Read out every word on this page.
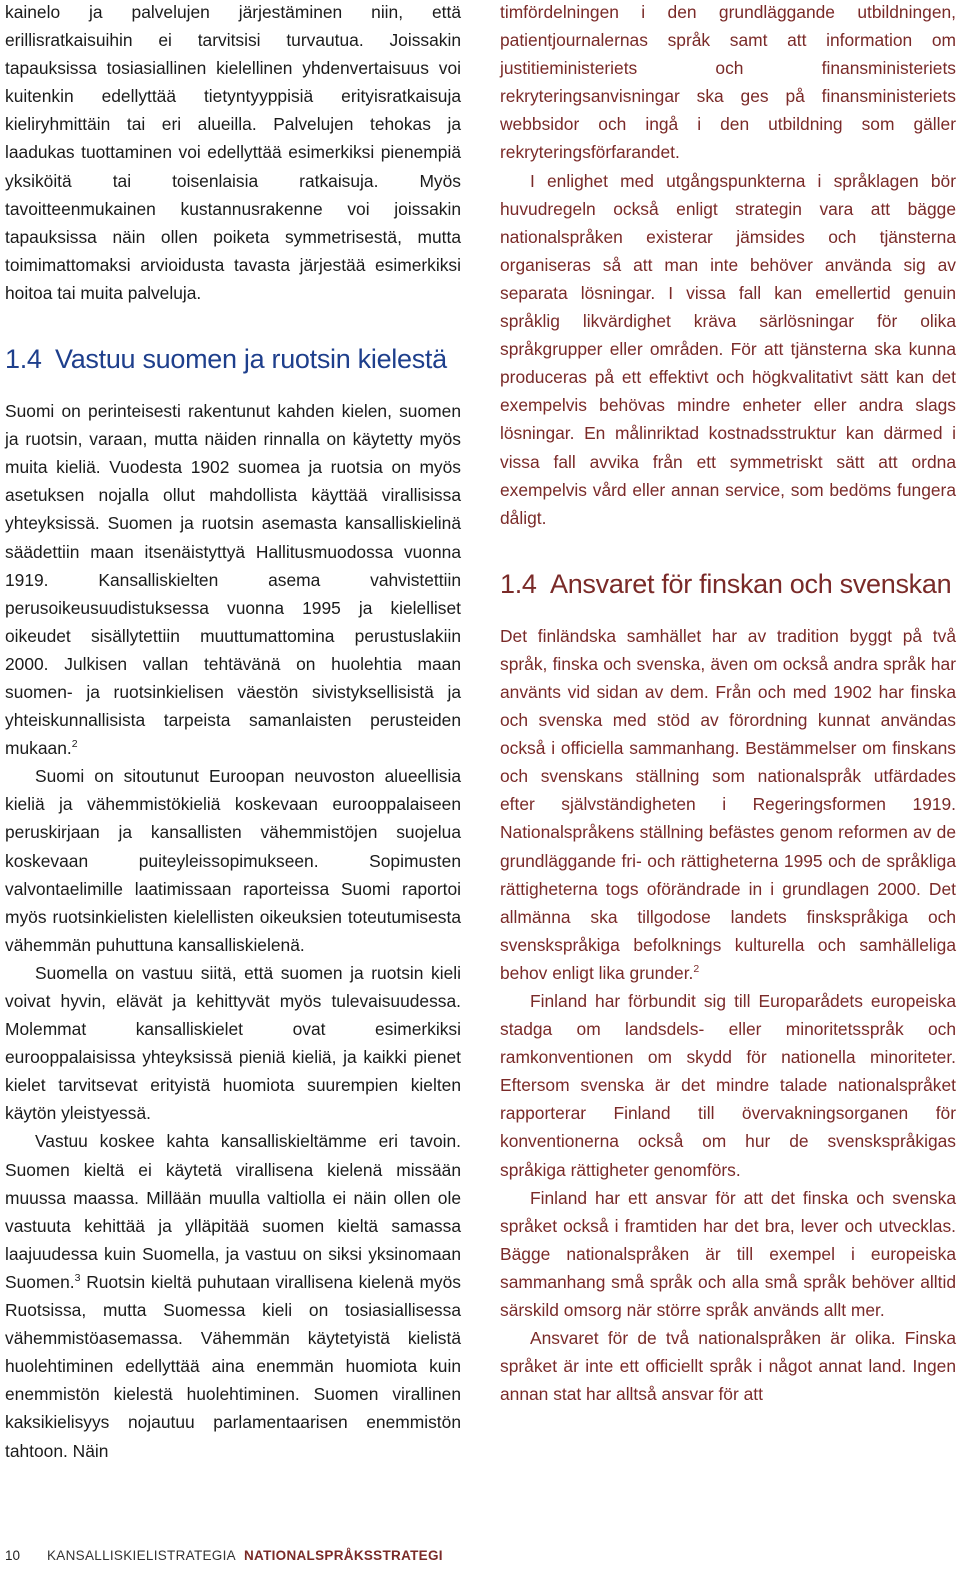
kainelo ja palvelujen järjestäminen niin, että erillisratkaisuihin ei tarvitsisi turvautua. Joissakin tapauksissa tosiasiallinen kielellinen yhdenvertaisuus voi kuitenkin edellyttää tietyntyyppisiä erityisratkaisuja kieliryhmittäin tai eri alueilla. Palvelujen tehokas ja laadukas tuottaminen voi edellyttää esimerkiksi pienempiä yksiköitä tai toisenlaisia ratkaisuja. Myös tavoitteenmukainen kustannusrakenne voi joissakin tapauksissa näin ollen poiketa symmetrisestä, mutta toimimattomaksi arvioidusta tavasta järjestää esimerkiksi hoitoa tai muita palveluja.

1.4 Vastuu suomen ja ruotsin kielestä

Suomi on perinteisesti rakentunut kahden kielen, suomen ja ruotsin, varaan, mutta näiden rinnalla on käytetty myös muita kieliä. Vuodesta 1902 suomea ja ruotsia on myös asetuksen nojalla ollut mahdollista käyttää virallisissa yhteyksissä. Suomen ja ruotsin asemasta kansalliskielinä säädettiin maan itsenäistyttyä Hallitusmuodossa vuonna 1919. Kansalliskielten asema vahvistettiin perusoikeusuudistuksessa vuonna 1995 ja kielelliset oikeudet sisällytettiin muuttumattomina perustuslakiin 2000. Julkisen vallan tehtävänä on huolehtia maan suomen- ja ruotsinkielisen väestön sivistyksellisistä ja yhteiskunnallisista tarpeista samanlaisten perusteiden mukaan.$^2$

Suomi on sitoutunut Euroopan neuvoston alueellisia kieliä ja vähemmistökieliä koskevaan eurooppalaiseen peruskirjaan ja kansallisten vähemmistöjen suojelua koskevaan puiteyleissopimukseen. Sopimusten valvontaelimille laatimissaan raporteissa Suomi raportoi myös ruotsinkielisten kielellisten oikeuksien toteutumisesta vähemmän puhuttuna kansalliskielenä.

Suomella on vastuu siitä, että suomen ja ruotsin kieli voivat hyvin, elävät ja kehittyvät myös tulevaisuudessa. Molemmat kansalliskielet ovat esimerkiksi eurooppalaisissa yhteyksissä pieniä kieliä, ja kaikki pienet kielet tarvitsevat erityistä huomiota suurempien kielten käytön yleistyessä.

Vastuu koskee kahta kansalliskieltämme eri tavoin. Suomen kieltä ei käytetä virallisena kielenä missään muussa maassa. Millään muulla valtiolla ei näin ollen ole vastuuta kehittää ja ylläpitää suomen kieltä samassa laajuudessa kuin Suomella, ja vastuu on siksi yksinomaan Suomen.$^3$ Ruotsin kieltä puhutaan virallisena kielenä myös Ruotsissa, mutta Suomessa kieli on tosiasiallisessa vähemmistöasemassa. Vähemmän käytetyistä kielistä huolehtiminen edellyttää aina enemmän huomiota kuin enemmistön kielestä huolehtiminen. Suomen virallinen kaksikielisyys nojautuu parlamentaarisen enemmistön tahtoon. Näin

timfördelningen i den grundläggande utbildningen, patientjournalernas språk samt att information om justitieministeriets och finansministeriets rekryteringsanvisningar ska ges på finansministeriets webbsidor och ingå i den utbildning som gäller rekryteringsförfarandet.

I enlighet med utgångspunkterna i språklagen bör huvudregeln också enligt strategin vara att bägge nationalspråken existerar jämsides och tjänsterna organiseras så att man inte behöver använda sig av separata lösningar. I vissa fall kan emellertid genuin språklig likvärdighet kräva särlösningar för olika språkgrupper eller områden. För att tjänsterna ska kunna produceras på ett effektivt och högkvalitativt sätt kan det exempelvis behövas mindre enheter eller andra slags lösningar. En målinriktad kostnadsstruktur kan därmed i vissa fall avvika från ett symmetriskt sätt att ordna exempelvis vård eller annan service, som bedöms fungera dåligt.

1.4 Ansvaret för finskan och svenskan

Det finländska samhället har av tradition byggt på två språk, finska och svenska, även om också andra språk har använts vid sidan av dem. Från och med 1902 har finska och svenska med stöd av förordning kunnat användas också i officiella sammanhang. Bestämmelser om finskans och svenskans ställning som nationalspråk utfärdades efter självständigheten i Regeringsformen 1919. Nationalspråkens ställning befästes genom reformen av de grundläggande fri- och rättigheterna 1995 och de språkliga rättigheterna togs oförändrade in i grundlagen 2000. Det allmänna ska tillgodose landets finskspråkiga och svenskspråkiga befolknings kulturella och samhälleliga behov enligt lika grunder.$^2$

Finland har förbundit sig till Europarådets europeiska stadga om landsdels- eller minoritetsspråk och ramkonventionen om skydd för nationella minoriteter. Eftersom svenska är det mindre talade nationalspråket rapporterar Finland till övervakningsorganen för konventionerna också om hur de svenskspråkigas språkiga rättigheter genomförs.

Finland har ett ansvar för att det finska och svenska språket också i framtiden har det bra, lever och utvecklas. Bägge nationalspråken är till exempel i europeiska sammanhang små språk och alla små språk behöver alltid särskild omsorg när större språk används allt mer.

Ansvaret för de två nationalspråken är olika. Finska språket är inte ett officiellt språk i något annat land. Ingen annan stat har alltså ansvar för att

10 KANSALLISKIELISTRATEGIA NATIONALSPRÅKSSTRATEGI
